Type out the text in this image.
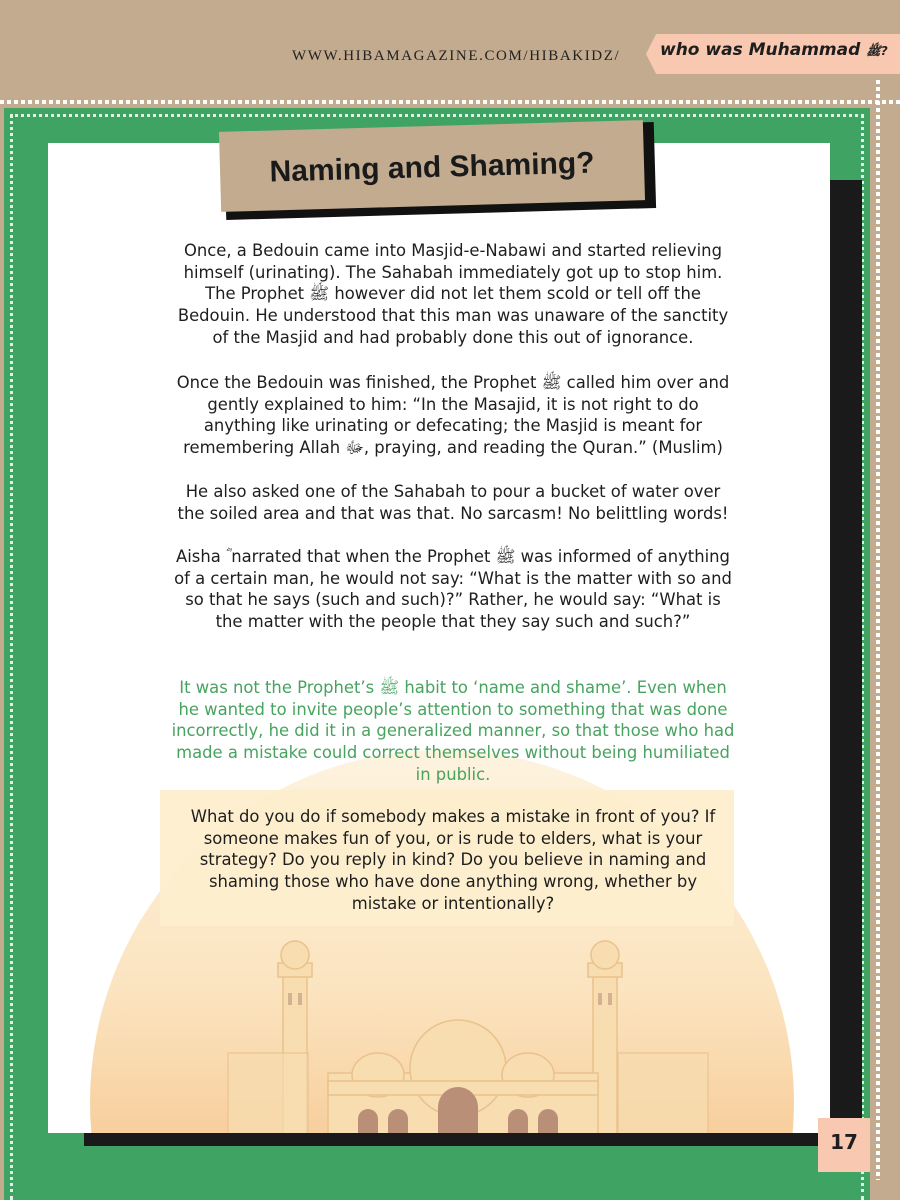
WWW.HIBAMAGAZINE.COM/HIBAKIDZ/ who was Muhammad ﷺ?
Naming and Shaming?

Once, a Bedouin came into Masjid-e-Nabawi and started relieving himself (urinating). The Sahabah immediately got up to stop him. The Prophet ﷺ however did not let them scold or tell off the Bedouin. He understood that this man was unaware of the sanctity of the Masjid and had probably done this out of ignorance.

Once the Bedouin was finished, the Prophet ﷺ called him over and gently explained to him: “In the Masajid, it is not right to do anything like urinating or defecating; the Masjid is meant for remembering Allah ﷻ, praying, and reading the Quran.” (Muslim)

He also asked one of the Sahabah to pour a bucket of water over the soiled area and that was that. No sarcasm! No belittling words!

Aisha ؓ narrated that when the Prophet ﷺ was informed of anything of a certain man, he would not say: “What is the matter with so and so that he says (such and such)?” Rather, he would say: “What is the matter with the people that they say such and such?”

It was not the Prophet’s ﷺ habit to ‘name and shame’. Even when he wanted to invite people’s attention to something that was done incorrectly, he did it in a generalized manner, so that those who had made a mistake could correct themselves without being humiliated in public.

What do you do if somebody makes a mistake in front of you? If someone makes fun of you, or is rude to elders, what is your strategy? Do you reply in kind? Do you believe in naming and shaming those who have done anything wrong, whether by mistake or intentionally?
17
